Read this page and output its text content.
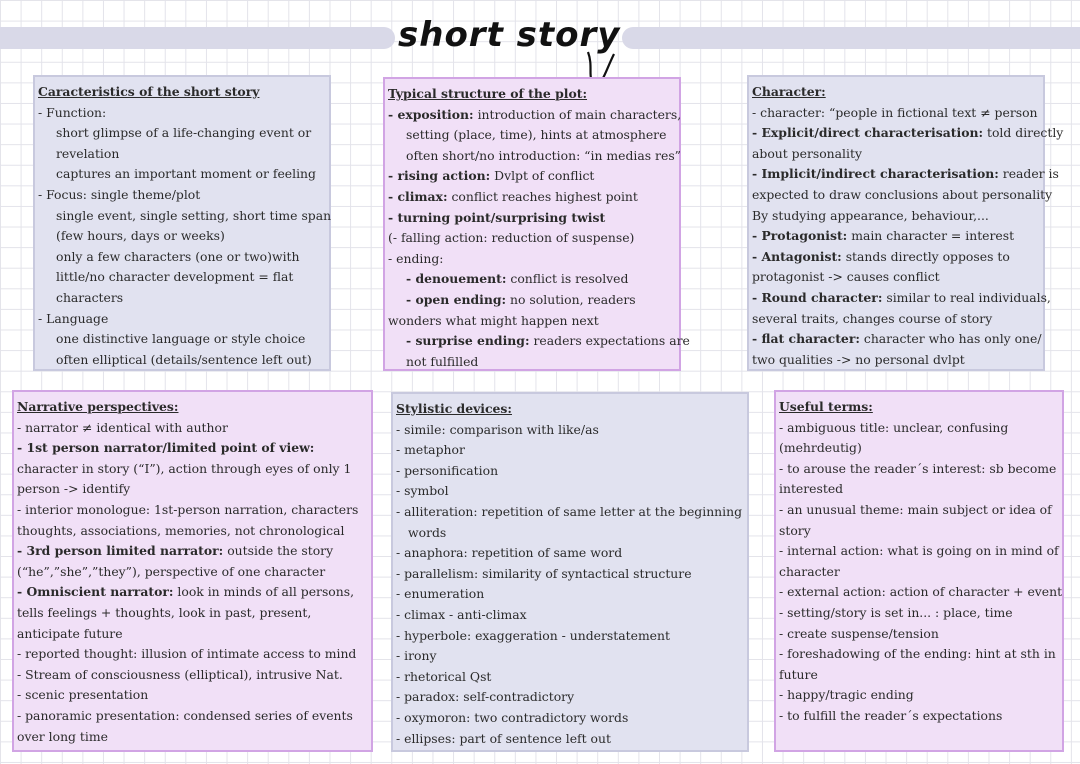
short story
Caracteristics of the short story
- Function:
short glimpse of a life-changing event or
revelation
captures an important moment or feeling
- Focus: single theme/plot
single event, single setting, short time span
(few hours, days or weeks)
only a few characters (one or two)with
little/no character development = flat
characters
- Language
one distinctive language or style choice
often elliptical (details/sentence left out)
Typical structure of the plot:
- exposition: introduction of main characters,
setting (place, time), hints at atmosphere
often short/no introduction: “in medias res”
- rising action: Dvlpt of conflict
- climax: conflict reaches highest point
- turning point/surprising twist
(- falling action: reduction of suspense)
- ending:
- denouement: conflict is resolved
- open ending: no solution, readers
wonders what might happen next
- surprise ending: readers expectations are
not fulfilled
Character:
- character: “people in fictional text ≠ person
- Explicit/direct characterisation: told directly
about personality
- Implicit/indirect characterisation: reader is
expected to draw conclusions about personality
By studying appearance, behaviour,...
- Protagonist: main character = interest
- Antagonist: stands directly opposes to
protagonist -> causes conflict
- Round character: similar to real individuals,
several traits, changes course of story
- flat character: character who has only one/
two qualities -> no personal dvlpt
Narrative perspectives:
- narrator ≠ identical with author
- 1st person narrator/limited point of view:
character in story (“I”), action through eyes of only 1
person -> identify
- interior monologue: 1st-person narration, characters
thoughts, associations, memories, not chronological
- 3rd person limited narrator: outside the story
(“he”,”she”,”they”), perspective of one character
- Omniscient narrator: look in minds of all persons,
tells feelings + thoughts, look in past, present,
anticipate future
- reported thought: illusion of intimate access to mind
- Stream of consciousness (elliptical), intrusive Nat.
- scenic presentation
- panoramic presentation: condensed series of events
over long time
Stylistic devices:
- simile: comparison with like/as
- metaphor
- personification
- symbol
- alliteration: repetition of same letter at the beginning
words
- anaphora: repetition of same word
- parallelism: similarity of syntactical structure
- enumeration
- climax - anti-climax
- hyperbole: exaggeration - understatement
- irony
- rhetorical Qst
- paradox: self-contradictory
- oxymoron: two contradictory words
- ellipses: part of sentence left out
Useful terms:
- ambiguous title: unclear, confusing
(mehrdeutig)
- to arouse the reader´s interest: sb become
interested
- an unusual theme: main subject or idea of
story
- internal action: what is going on in mind of
character
- external action: action of character + event
- setting/story is set in... : place, time
- create suspense/tension
- foreshadowing of the ending: hint at sth in
future
- happy/tragic ending
- to fulfill the reader´s expectations
